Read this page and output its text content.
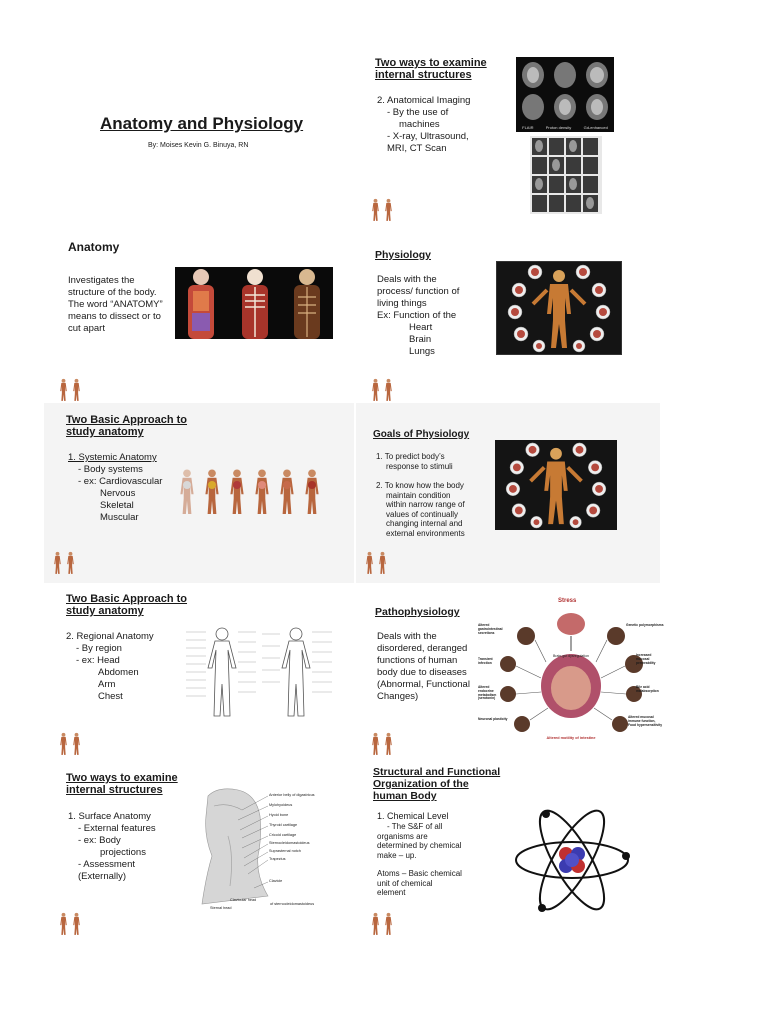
Anatomy and Physiology
By: Moises Kevin G. Binuya, RN
Two ways to examine
internal structures
2. Anatomical Imaging
- By the use of
machines
- X-ray, Ultrasound,
MRI, CT Scan
FLAIR	Proton density	Gd-enhanced
Anatomy
Investigates the
structure of the body.
The word “ANATOMY”
means to dissect or to
cut apart
Physiology
Deals with the
process/ function of
living things
Ex: Function of the
Heart
Brain
Lungs
Two Basic Approach to
study anatomy
1. Systemic Anatomy
- Body systems
- ex: Cardiovascular
Nervous
Skeletal
Muscular
Goals of Physiology
1. To predict body’s
response to stimuli
2. To know how the body
maintain condition
within narrow range of
values of continually
changing internal and
external environments
Two Basic Approach to
study anatomy
2. Regional Anatomy
- By region
- ex: Head
Abdomen
Arm
Chest
Pathophysiology
Deals with the
disordered, deranged
functions of human
body due to diseases
(Abnormal, Functional
Changes)
Stress
Brain-gut dysregulation
Altered motility of intestine
Altered gastrointestinal secretions
Transient infection
Altered endocrine metabolism (serotonin)
Neuronal plasticity
Genetic polymorphisms
Increased mucosal permeability
Bile acid malabsorption
Altered mucosal immune function, Food hypersensitivity
Two ways to examine
internal structures
1. Surface Anatomy
- External features
- ex: Body
projections
- Assessment
(Externally)
Anterior belly of digastricus
Mylohyoideus
Hyoid bone
Thyroid cartilage
Cricoid cartilage
Sternocleidomastoideus
Suprasternal notch
Trapezius
Clavicle
Clavicular head
Sternal head
of sternocleidomastoideus
Structural and Functional
Organization of the
human Body
1. Chemical Level
- The S&F of all
organisms are
determined by chemical
make – up.
Atoms – Basic chemical
unit of chemical
element
